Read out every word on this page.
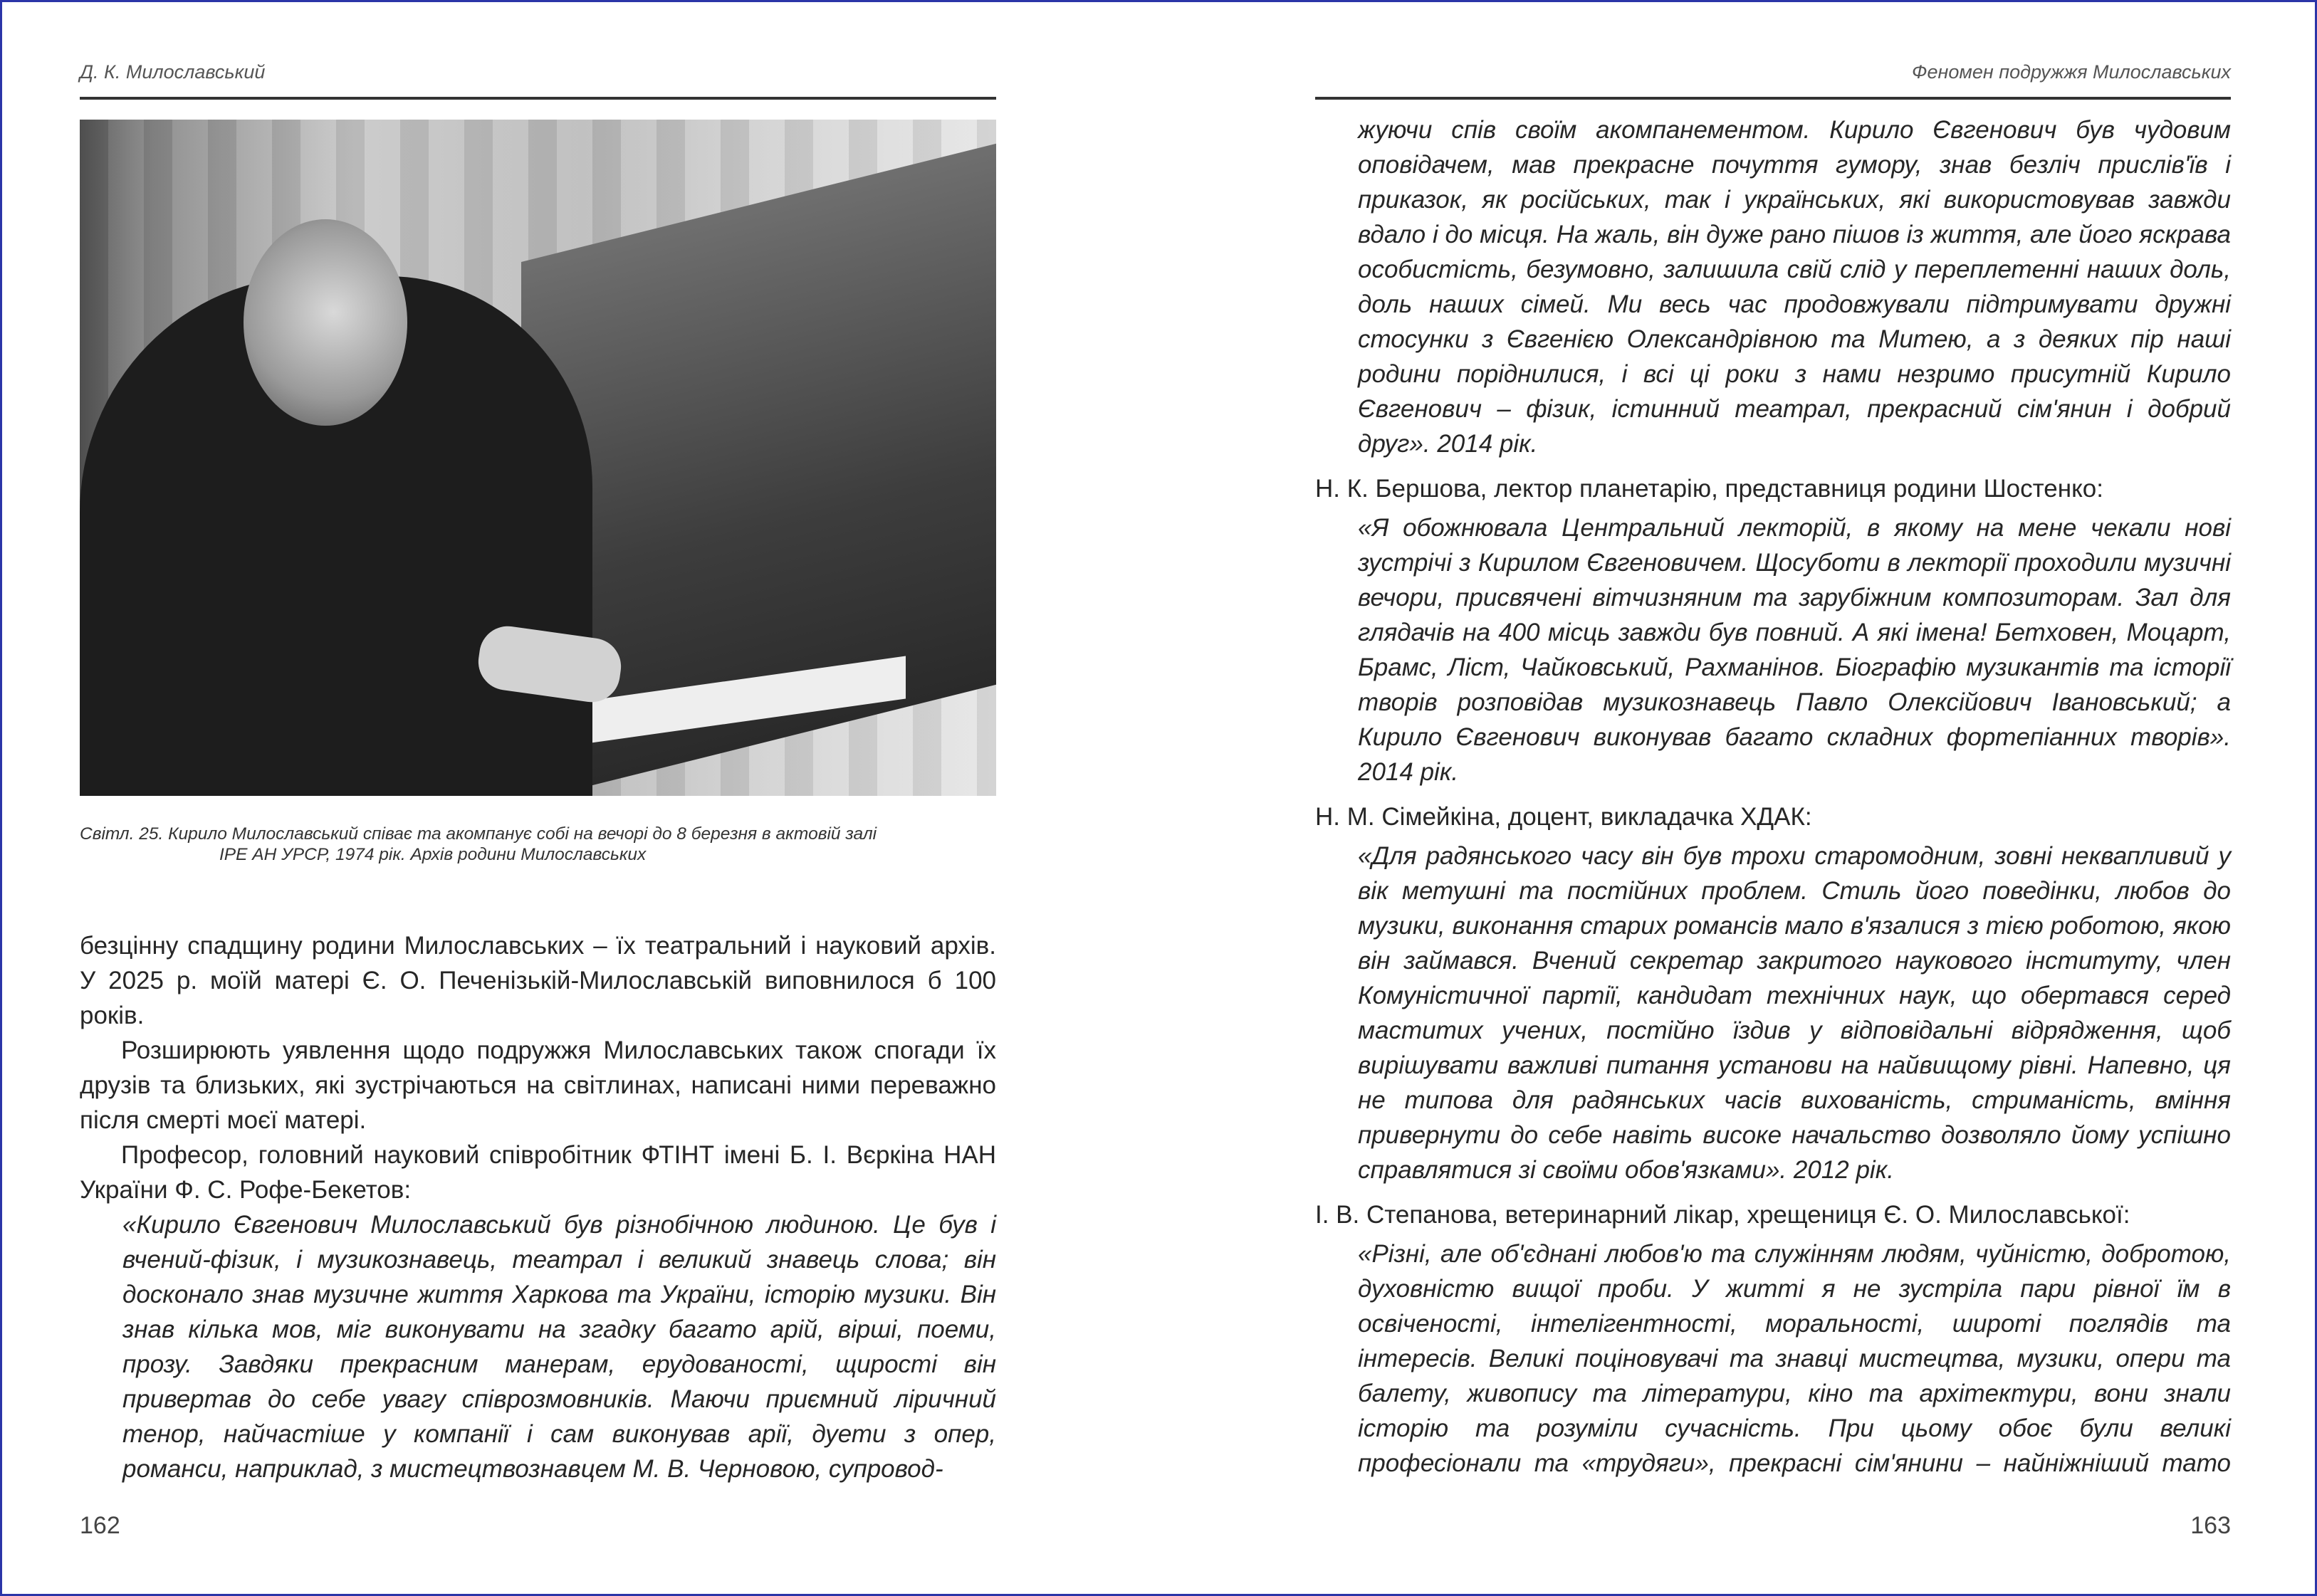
Д. К. Милославський
Світл. 25. Кирило Милославський співає та акомпанує собі на вечорі до 8 березня в актовій залі
ІРЕ АН УРСР, 1974 рік. Архів родини Милославських

безцінну спадщину родини Милославських – їх театральний і науковий архів. У 2025 р. моїй матері Є. О. Печенізькій-Милославській виповнилося б 100 років.

Розширюють уявлення щодо подружжя Милославських також спогади їх друзів та близьких, які зустрічаються на світлинах, написані ними переважно після смерті моєї матері.

Професор, головний науковий співробітник ФТІНТ імені Б. І. Вєркіна НАН України Ф. С. Рофе-Бекетов:

«Кирило Євгенович Милославський був різнобічною людиною. Це був і вчений-фізик, і музикознавець, театрал і великий знавець слова; він досконало знав музичне життя Харкова та України, історію музики. Він знав кілька мов, міг виконувати на згадку багато арій, вірші, поеми, прозу. Завдяки прекрасним манерам, ерудованості, щирості він привертав до себе увагу співрозмовників. Маючи приємний ліричний тенор, найчастіше у компанії і сам виконував арії, дуети з опер, романси, наприклад, з мистецтвознавцем М. В. Черновою, супровод-

162
Феномен подружжя Милославських

жуючи спів своїм акомпанементом. Кирило Євгенович був чудовим оповідачем, мав прекрасне почуття гумору, знав безліч прислів'їв і приказок, як російських, так і українських, які використовував завжди вдало і до місця. На жаль, він дуже рано пішов із життя, але його яскрава особистість, безумовно, залишила свій слід у переплетенні наших доль, доль наших сімей. Ми весь час продовжували підтримувати дружні стосунки з Євгенією Олександрівною та Митею, а з деяких пір наші родини поріднилися, і всі ці роки з нами незримо присутній Кирило Євгенович – фізик, істинний театрал, прекрасний сім'янин і добрий друг». 2014 рік.

Н. К. Бершова, лектор планетарію, представниця родини Шостенко:

«Я обожнювала Центральний лекторій, в якому на мене чекали нові зустрічі з Кирилом Євгеновичем. Щосуботи в лекторії проходили музичні вечори, присвячені вітчизняним та зарубіжним композиторам. Зал для глядачів на 400 місць завжди був повний. А які імена! Бетховен, Моцарт, Брамс, Ліст, Чайковський, Рахманінов. Біографію музикантів та історії творів розповідав музикознавець Павло Олексійович Івановський; а Кирило Євгенович виконував багато складних фортепіанних творів». 2014 рік.

Н. М. Сімейкіна, доцент, викладачка ХДАК:

«Для радянського часу він був трохи старомодним, зовні неквапливий у вік метушні та постійних проблем. Стиль його поведінки, любов до музики, виконання старих романсів мало в'язалися з тією роботою, якою він займався. Вчений секретар закритого наукового інституту, член Комуністичної партії, кандидат технічних наук, що обертався серед маститих учених, постійно їздив у відповідальні відрядження, щоб вирішувати важливі питання установи на найвищому рівні. Напевно, ця не типова для радянських часів вихованість, стриманість, вміння привернути до себе навіть високе начальство дозволяло йому успішно справлятися зі своїми обов'язками». 2012 рік.

І. В. Степанова, ветеринарний лікар, хрещениця Є. О. Милославської:

«Різні, але об'єднані любов'ю та служінням людям, чуйністю, добротою, духовністю вищої проби. У житті я не зустріла пари рівної їм в освіченості, інтелігентності, моральності, широті поглядів та інтересів. Великі поціновувачі та знавці мистецтва, музики, опери та балету, живопису та літератури, кіно та архітектури, вони знали історію та розуміли сучасність. При цьому обоє були великі професіонали та «трудяги», прекрасні сім'янини – найніжніший тато

163
